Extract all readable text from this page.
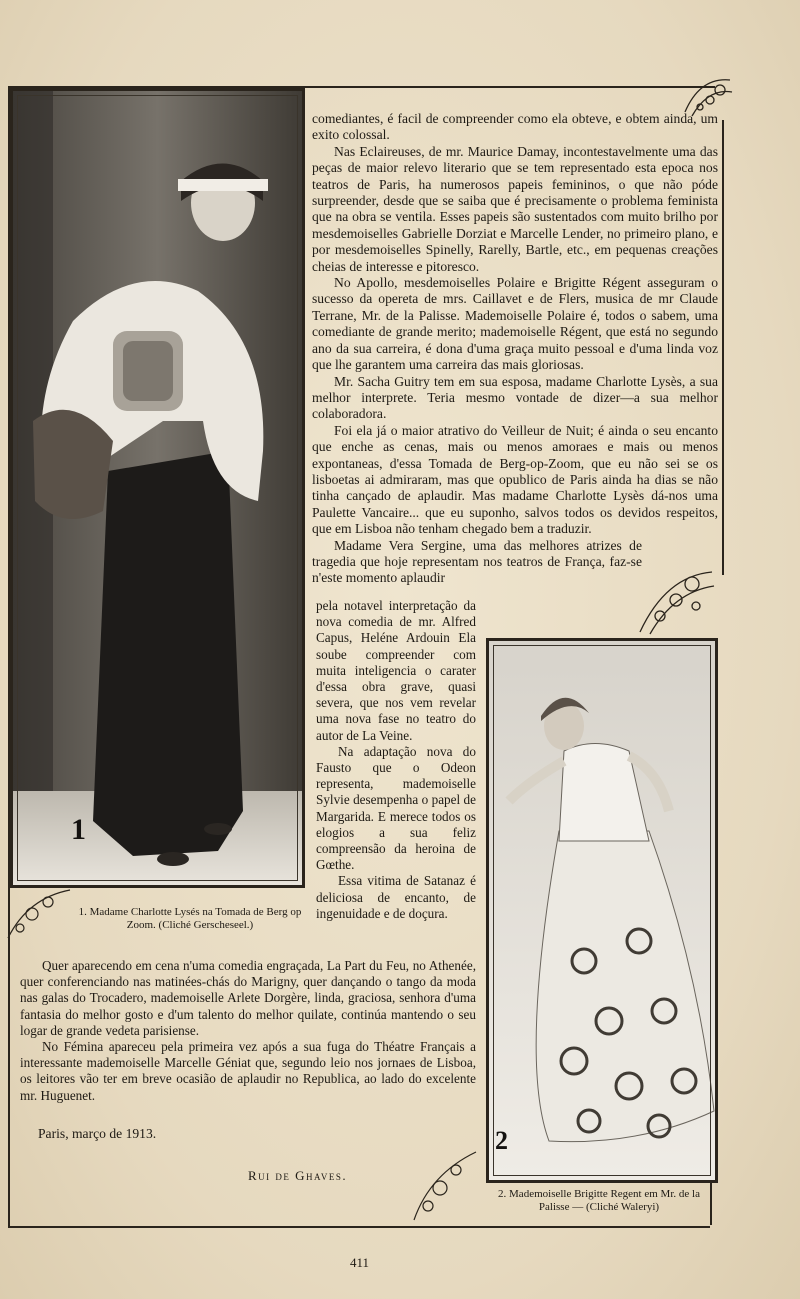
1

comediantes, é facil de compreender como ela obteve, e obtem ainda, um exito colossal.

Nas Eclaireuses, de mr. Maurice Damay, incontestavelmente uma das peças de maior relevo literario que se tem representado esta epoca nos teatros de Paris, ha numerosos papeis femininos, o que não póde surpreender, desde que se saiba que é precisamente o problema feminista que na obra se ventila. Esses papeis são sustentados com muito brilho por mesdemoiselles Gabrielle Dorziat e Marcelle Lender, no primeiro plano, e por mesdemoiselles Spinelly, Rarelly, Bartle, etc., em pequenas creações cheias de interesse e pitoresco.

No Apollo, mesdemoiselles Polaire e Brigitte Régent asseguram o sucesso da opereta de mrs. Caillavet e de Flers, musica de mr Claude Terrane, Mr. de la Palisse. Mademoiselle Polaire é, todos o sabem, uma comediante de grande merito; mademoiselle Régent, que está no segundo ano da sua carreira, é dona d'uma graça muito pessoal e d'uma linda voz que lhe garantem uma carreira das mais gloriosas.

Mr. Sacha Guitry tem em sua esposa, madame Charlotte Lysès, a sua melhor interprete. Teria mesmo vontade de dizer—a sua melhor colaboradora.

Foi ela já o maior atrativo do Veilleur de Nuit; é ainda o seu encanto que enche as cenas, mais ou menos amoraes e mais ou menos expontaneas, d'essa Tomada de Berg-op-Zoom, que eu não sei se os lisboetas ai admiraram, mas que opublico de Paris ainda ha dias se não tinha cançado de aplaudir. Mas madame Charlotte Lysès dá-nos uma Paulette Vancaire... que eu suponho, salvos todos os devidos respeitos, que em Lisboa não tenham chegado bem a traduzir.

Madame Vera Sergine, uma das melhores atrizes de tragedia que hoje representam nos teatros de França, faz-se n'este momento aplaudir

pela notavel interpretação da nova comedia de mr. Alfred Capus, Heléne Ardouin Ela soube compreender com muita inteligencia o carater d'essa obra grave, quasi severa, que nos vem revelar uma nova fase no teatro do autor de La Veine.

Na adaptação nova do Fausto que o Odeon representa, mademoiselle Sylvie desempenha o papel de Margarida. E merece todos os elogios a sua feliz compreensão da heroina de Gœthe.

Essa vitima de Satanaz é deliciosa de encanto, de ingenuidade e de doçura.

1. Madame Charlotte Lysés na Tomada de Berg op Zoom. (Cliché Gerscheseel.)

Quer aparecendo em cena n'uma comedia engraçada, La Part du Feu, no Athenée, quer conferenciando nas matinées-chás do Marigny, quer dançando o tango da moda nas galas do Trocadero, mademoiselle Arlete Dorgère, linda, graciosa, senhora d'uma fantasia do melhor gosto e d'um talento do melhor quilate, continúa mantendo o seu logar de grande vedeta parisiense.

No Fémina apareceu pela primeira vez após a sua fuga do Théatre Français a interessante mademoiselle Marcelle Géniat que, segundo leio nos jornaes de Lisboa, os leitores vão ter em breve ocasião de aplaudir no Republica, ao lado do excelente mr. Huguenet.

Paris, março de 1913.
Rui de Ghaves.
2
2. Mademoiselle Brigitte Regent em Mr. de la Palisse — (Cliché Waleryi)
411
